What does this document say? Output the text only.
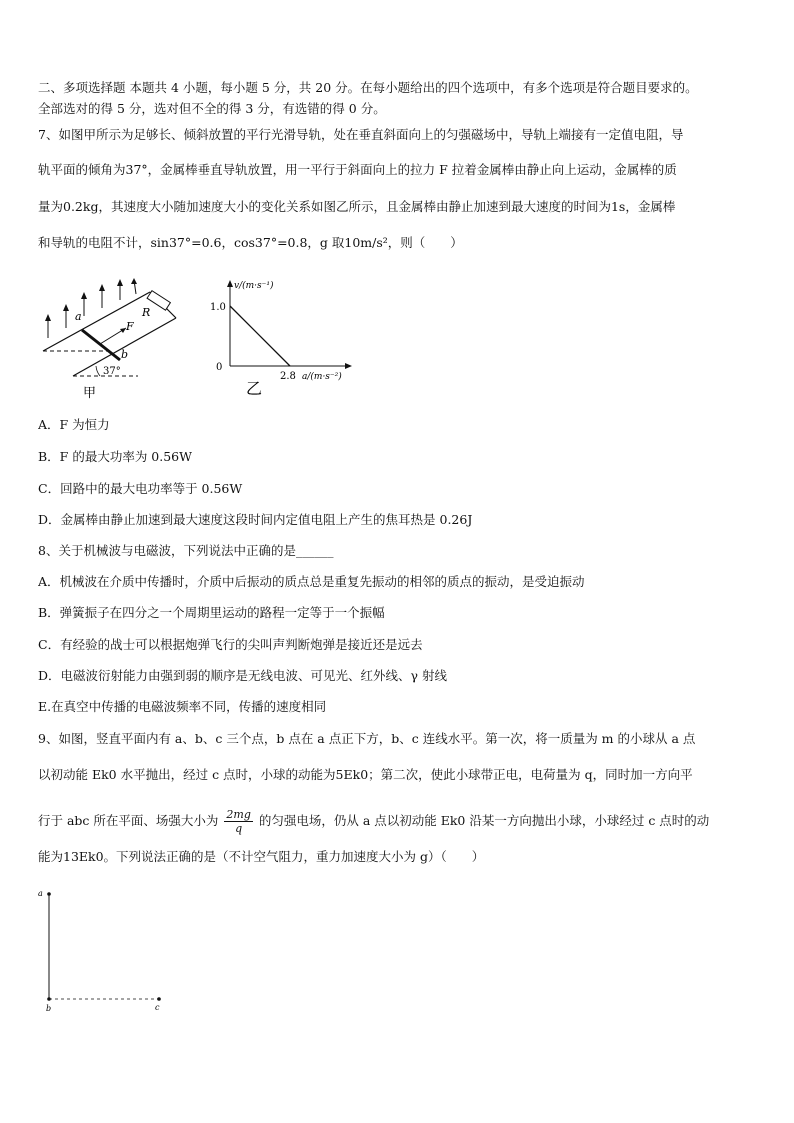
二、多项选择题 本题共 4 小题，每小题 5 分，共 20 分。在每小题给出的四个选项中，有多个选项是符合题目要求的。
全部选对的得 5 分，选对但不全的得 3 分，有选错的得 0 分。
7、如图甲所示为足够长、倾斜放置的平行光滑导轨，处在垂直斜面向上的匀强磁场中，导轨上端接有一定值电阻，导
轨平面的倾角为37°，金属棒垂直导轨放置，用一平行于斜面向上的拉力 F 拉着金属棒由静止向上运动，金属棒的质
量为0.2kg，其速度大小随加速度大小的变化关系如图乙所示，且金属棒由静止加速到最大速度的时间为1s，金属棒
和导轨的电阻不计，sin37°=0.6，cos37°=0.8，g 取10m/s²，则（　　）
a
b
F
R
37°
甲
v/(m·s⁻¹)
1.0
0
2.8 a/(m·s⁻²)
乙
A．F 为恒力
B．F 的最大功率为 0.56W
C．回路中的最大电功率等于 0.56W
D．金属棒由静止加速到最大速度这段时间内定值电阻上产生的焦耳热是 0.26J
8、关于机械波与电磁波，下列说法中正确的是______
A．机械波在介质中传播时，介质中后振动的质点总是重复先振动的相邻的质点的振动，是受迫振动
B．弹簧振子在四分之一个周期里运动的路程一定等于一个振幅
C．有经验的战士可以根据炮弹飞行的尖叫声判断炮弹是接近还是远去
D．电磁波衍射能力由强到弱的顺序是无线电波、可见光、红外线、γ 射线
E.在真空中传播的电磁波频率不同，传播的速度相同
9、如图，竖直平面内有 a、b、c 三个点，b 点在 a 点正下方，b、c 连线水平。第一次，将一质量为 m 的小球从 a 点
以初动能 Ek0 水平抛出，经过 c 点时，小球的动能为5Ek0；第二次，使此小球带正电，电荷量为 q，同时加一方向平
行于 abc 所在平面、场强大小为 $\frac{2mg}{q}$ 的匀强电场，仍从 a 点以初动能 Ek0 沿某一方向抛出小球，小球经过 c 点时的动
能为13Ek0。下列说法正确的是（不计空气阻力，重力加速度大小为 g）（　　）
a
b	c
